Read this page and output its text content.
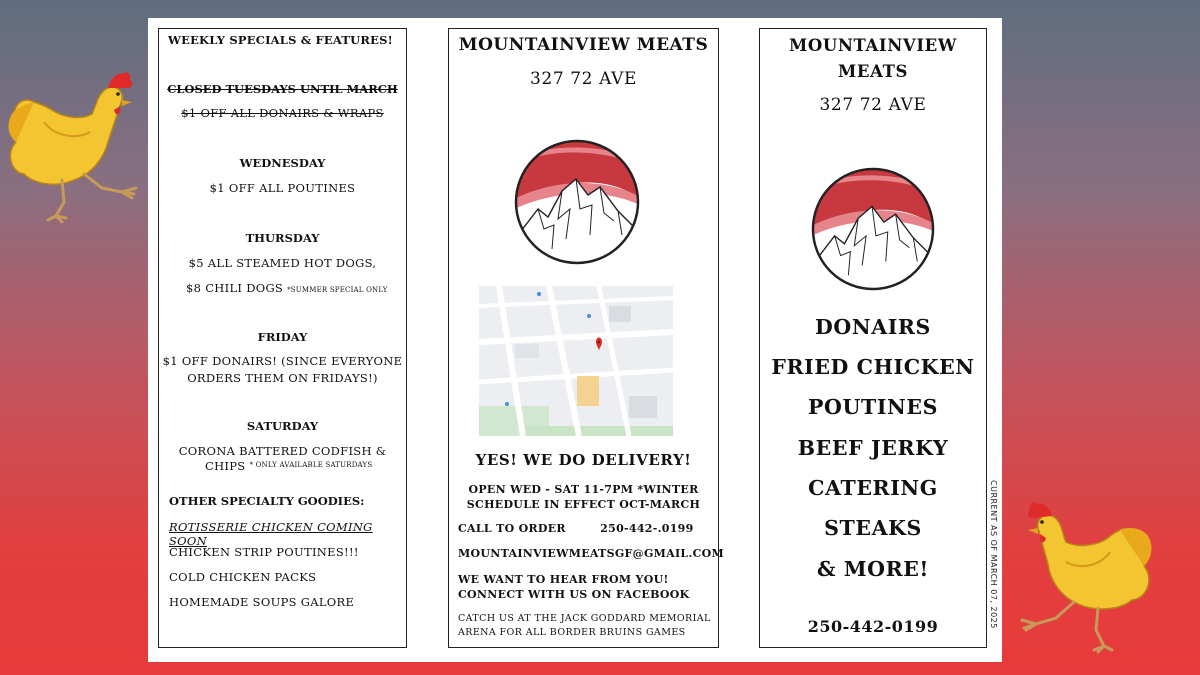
WEEKLY SPECIALS & FEATURES!
CLOSED TUESDAYS UNTIL MARCH
$1 OFF ALL DONAIRS & WRAPS
WEDNESDAY
$1 OFF ALL POUTINES
THURSDAY
$5 ALL STEAMED HOT DOGS,
$8 CHILI DOGS *SUMMER SPECIAL ONLY
FRIDAY
$1 OFF DONAIRS! (SINCE EVERYONE
ORDERS THEM ON FRIDAYS!)
SATURDAY
CORONA BATTERED CODFISH &
CHIPS $^{* ONLY AVAILABLE SATURDAYS}$
OTHER SPECIALTY GOODIES:
ROTISSERIE CHICKEN COMING SOON
CHICKEN STRIP POUTINES!!!
COLD CHICKEN PACKS
HOMEMADE SOUPS GALORE
MOUNTAINVIEW MEATS
327 72 AVE
YES! WE DO DELIVERY!
OPEN WED - SAT 11-7PM *WINTER
SCHEDULE IN EFFECT OCT-MARCH
CALL TO ORDER	250-442-.0199
MOUNTAINVIEWMEATSGF@GMAIL.COM
WE WANT TO HEAR FROM YOU!
CONNECT WITH US ON FACEBOOK
CATCH US AT THE JACK GODDARD MEMORIAL
ARENA FOR ALL BORDER BRUINS GAMES
MOUNTAINVIEW
MEATS
327 72 AVE
DONAIRS
FRIED CHICKEN
POUTINES
BEEF JERKY
CATERING
STEAKS
& MORE!
250-442-0199	CURRENT AS OF MARCH 07, 2025
